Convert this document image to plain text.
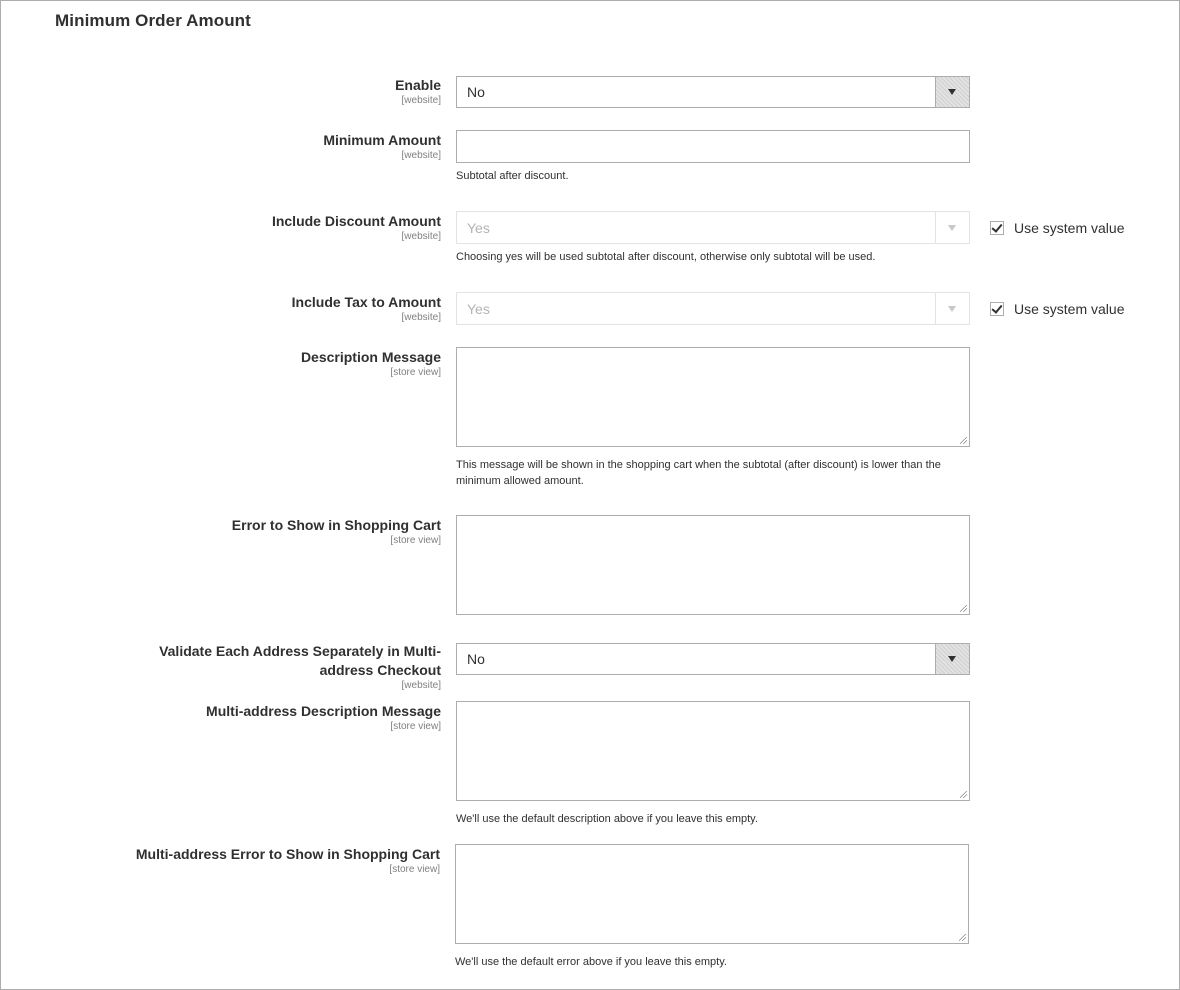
Minimum Order Amount
Enable
[website]
No
Minimum Amount
[website]
Subtotal after discount.
Include Discount Amount
[website]
Yes	Use system value
Choosing yes will be used subtotal after discount, otherwise only subtotal will be used.
Include Tax to Amount
[website]
Yes	Use system value
Description Message
[store view]
This message will be shown in the shopping cart when the subtotal (after discount) is lower than the minimum allowed amount.
Error to Show in Shopping Cart
[store view]
Validate Each Address Separately in Multi-address Checkout
[website]
No
Multi-address Description Message
[store view]
We'll use the default description above if you leave this empty.
Multi-address Error to Show in Shopping Cart
[store view]
We'll use the default error above if you leave this empty.
